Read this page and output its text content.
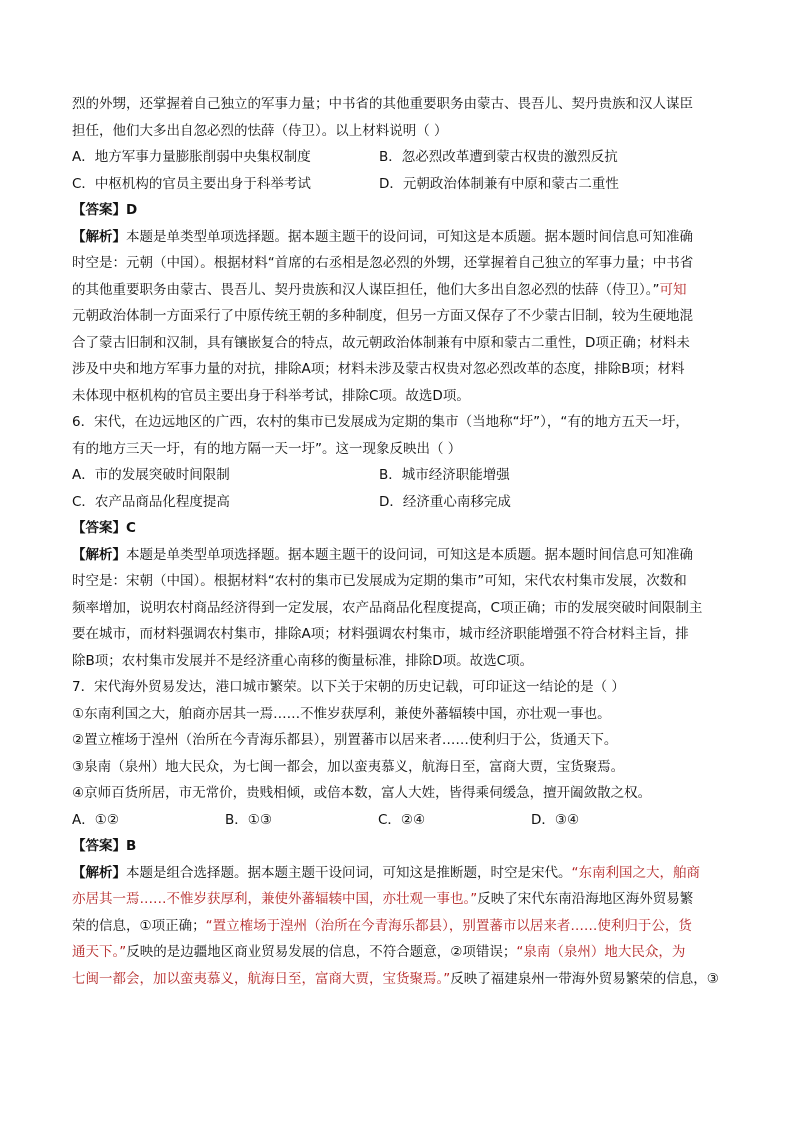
烈的外甥，还掌握着自己独立的军事力量；中书省的其他重要职务由蒙古、畏吾儿、契丹贵族和汉人谋臣
担任，他们大多出自忽必烈的怯薛（侍卫）。以上材料说明（ ）
A．地方军事力量膨胀削弱中央集权制度	B．忽必烈改革遭到蒙古权贵的激烈反抗
C．中枢机构的官员主要出身于科举考试	D．元朝政治体制兼有中原和蒙古二重性
【答案】D
【解析】本题是单类型单项选择题。据本题主题干的设问词，可知这是本质题。据本题时间信息可知准确
时空是：元朝（中国）。根据材料“首席的右丞相是忽必烈的外甥，还掌握着自己独立的军事力量；中书省
的其他重要职务由蒙古、畏吾儿、契丹贵族和汉人谋臣担任，他们大多出自忽必烈的怯薛（侍卫）。”可知
元朝政治体制一方面采行了中原传统王朝的多种制度，但另一方面又保存了不少蒙古旧制，较为生硬地混
合了蒙古旧制和汉制，具有镶嵌复合的特点，故元朝政治体制兼有中原和蒙古二重性，D项正确；材料未
涉及中央和地方军事力量的对抗，排除A项；材料未涉及蒙古权贵对忽必烈改革的态度，排除B项；材料
未体现中枢机构的官员主要出身于科举考试，排除C项。故选D项。
6．宋代，在边远地区的广西，农村的集市已发展成为定期的集市（当地称“圩”），“有的地方五天一圩，
有的地方三天一圩，有的地方隔一天一圩”。这一现象反映出（ ）
A．市的发展突破时间限制	B．城市经济职能增强
C．农产品商品化程度提高	D．经济重心南移完成
【答案】C
【解析】本题是单类型单项选择题。据本题主题干的设问词，可知这是本质题。据本题时间信息可知准确
时空是：宋朝（中国）。根据材料“农村的集市已发展成为定期的集市”可知，宋代农村集市发展，次数和
频率增加，说明农村商品经济得到一定发展，农产品商品化程度提高，C项正确；市的发展突破时间限制主
要在城市，而材料强调农村集市，排除A项；材料强调农村集市，城市经济职能增强不符合材料主旨，排
除B项；农村集市发展并不是经济重心南移的衡量标准，排除D项。故选C项。
7．宋代海外贸易发达，港口城市繁荣。以下关于宋朝的历史记载，可印证这一结论的是（ ）
①东南利国之大，舶商亦居其一焉……不惟岁获厚利，兼使外蕃辐辏中国，亦壮观一事也。
②置立榷场于湟州（治所在今青海乐都县），别置蕃市以居来者……使利归于公，货通天下。
③泉南（泉州）地大民众，为七闽一都会，加以蛮夷慕义，航海日至，富商大贾，宝货聚焉。
④京师百货所居，市无常价，贵贱相倾，或倍本数，富人大姓，皆得乘伺缓急，擅开阖敛散之权。
A．①②	B．①③	C．②④	D．③④
【答案】B
【解析】本题是组合选择题。据本题主题干设问词，可知这是推断题，时空是宋代。“东南利国之大，舶商
亦居其一焉……不惟岁获厚利，兼使外蕃辐辏中国，亦壮观一事也。”反映了宋代东南沿海地区海外贸易繁
荣的信息，①项正确；“置立榷场于湟州（治所在今青海乐都县），别置蕃市以居来者……使利归于公，货
通天下。”反映的是边疆地区商业贸易发展的信息，不符合题意，②项错误；“泉南（泉州）地大民众，为
七闽一都会，加以蛮夷慕义，航海日至，富商大贾，宝货聚焉。”反映了福建泉州一带海外贸易繁荣的信息，③
